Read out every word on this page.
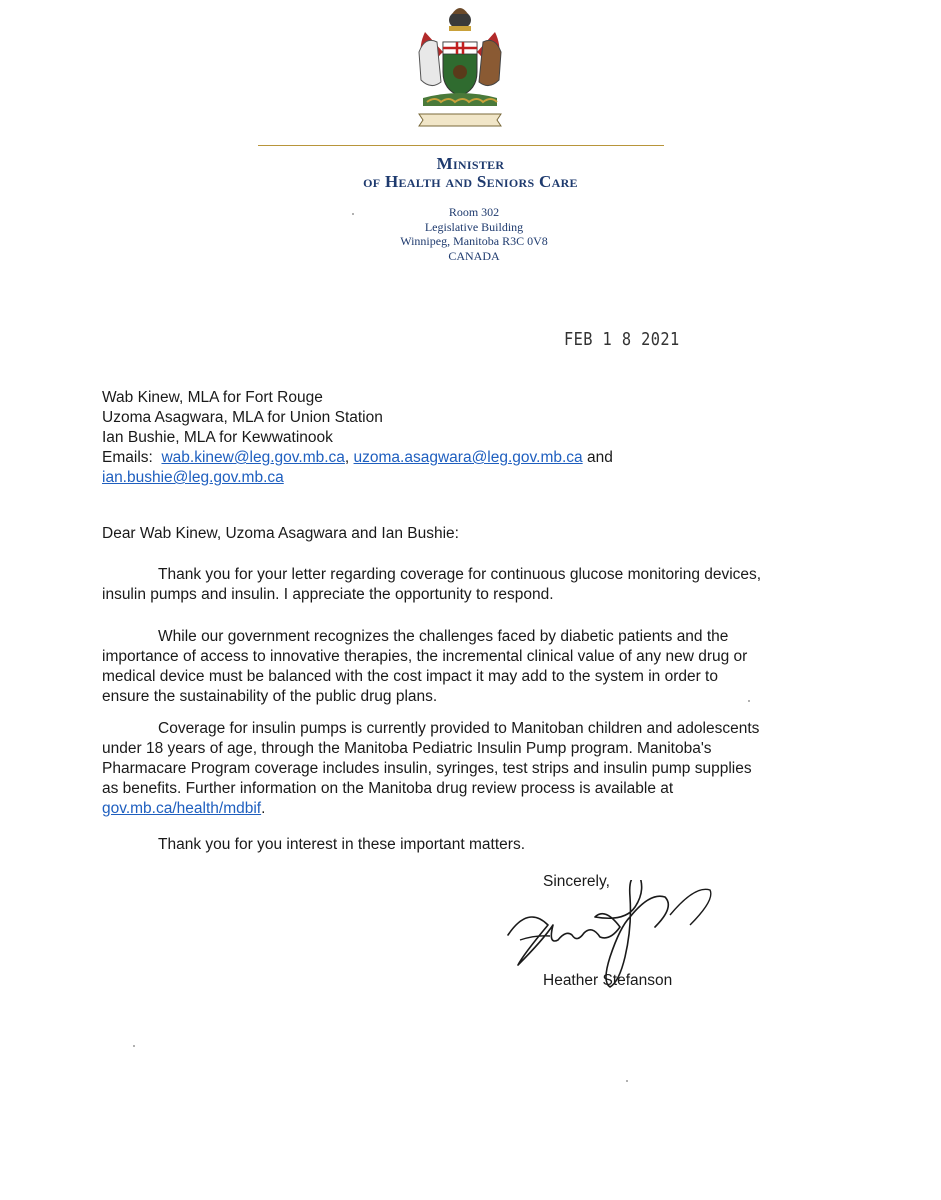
Minister
of Health and Seniors Care
Room 302
Legislative Building
Winnipeg, Manitoba R3C 0V8
CANADA
FEB 1 8 2021
Wab Kinew, MLA for Fort Rouge
Uzoma Asagwara, MLA for Union Station
Ian Bushie, MLA for Kewwatinook
Emails: wab.kinew@leg.gov.mb.ca, uzoma.asagwara@leg.gov.mb.ca and
ian.bushie@leg.gov.mb.ca
Dear Wab Kinew, Uzoma Asagwara and Ian Bushie:
Thank you for your letter regarding coverage for continuous glucose monitoring devices,
insulin pumps and insulin. I appreciate the opportunity to respond.
While our government recognizes the challenges faced by diabetic patients and the
importance of access to innovative therapies, the incremental clinical value of any new drug or
medical device must be balanced with the cost impact it may add to the system in order to
ensure the sustainability of the public drug plans.
Coverage for insulin pumps is currently provided to Manitoban children and adolescents
under 18 years of age, through the Manitoba Pediatric Insulin Pump program. Manitoba's
Pharmacare Program coverage includes insulin, syringes, test strips and insulin pump supplies
as benefits. Further information on the Manitoba drug review process is available at
gov.mb.ca/health/mdbif.
Thank you for you interest in these important matters.
Sincerely,
Heather Stefanson
